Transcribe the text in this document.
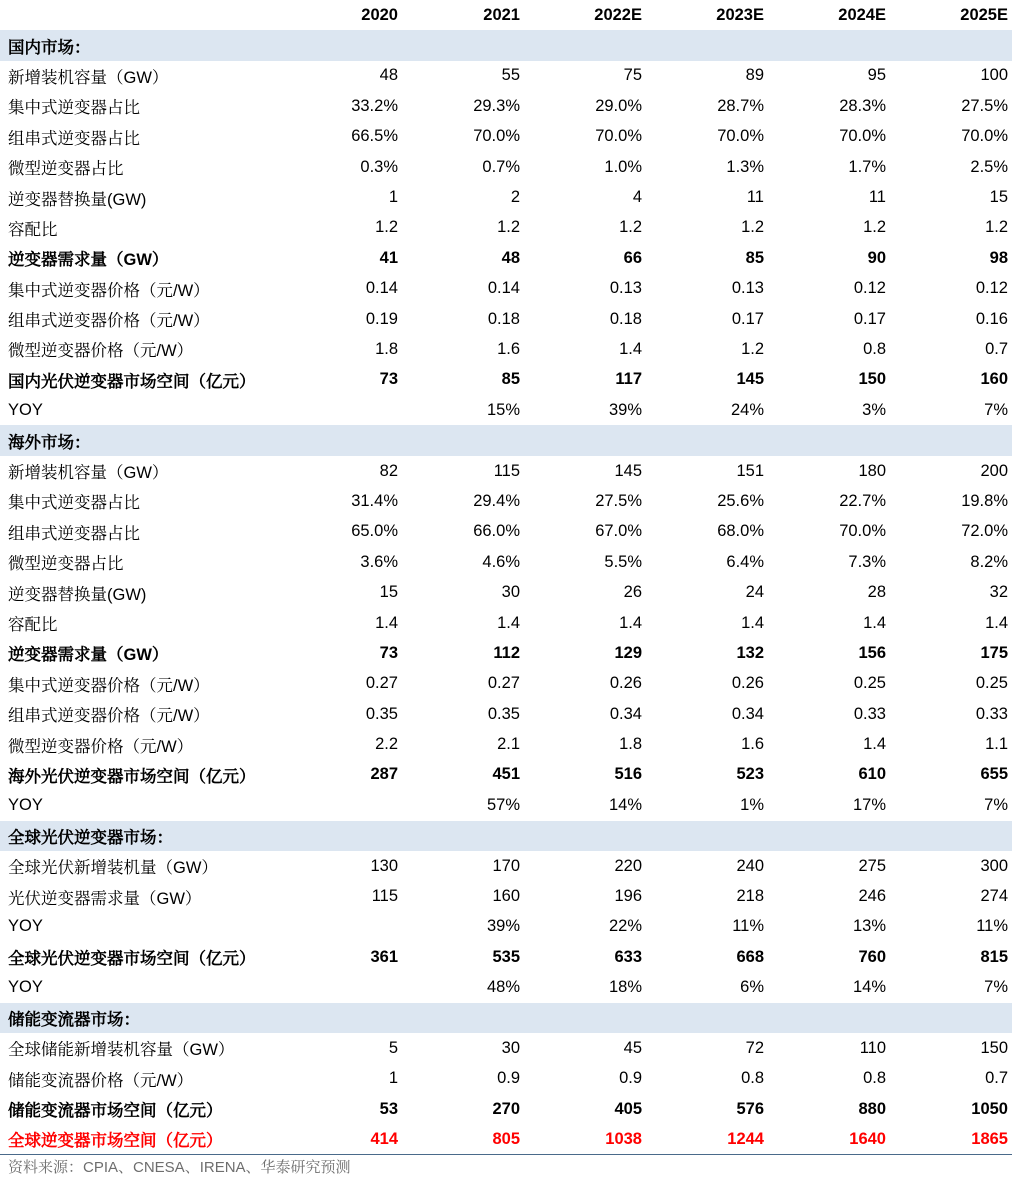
	2020	2021	2022E	2023E	2024E	2025E
国内市场：						
新增装机容量（GW）	48	55	75	89	95	100
集中式逆变器占比	33.2%	29.3%	29.0%	28.7%	28.3%	27.5%
组串式逆变器占比	66.5%	70.0%	70.0%	70.0%	70.0%	70.0%
微型逆变器占比	0.3%	0.7%	1.0%	1.3%	1.7%	2.5%
逆变器替换量(GW)	1	2	4	11	11	15
容配比	1.2	1.2	1.2	1.2	1.2	1.2
逆变器需求量（GW）	41	48	66	85	90	98
集中式逆变器价格（元/W）	0.14	0.14	0.13	0.13	0.12	0.12
组串式逆变器价格（元/W）	0.19	0.18	0.18	0.17	0.17	0.16
微型逆变器价格（元/W）	1.8	1.6	1.4	1.2	0.8	0.7
国内光伏逆变器市场空间（亿元）	73	85	117	145	150	160
YOY		15%	39%	24%	3%	7%
海外市场：						
新增装机容量（GW）	82	115	145	151	180	200
集中式逆变器占比	31.4%	29.4%	27.5%	25.6%	22.7%	19.8%
组串式逆变器占比	65.0%	66.0%	67.0%	68.0%	70.0%	72.0%
微型逆变器占比	3.6%	4.6%	5.5%	6.4%	7.3%	8.2%
逆变器替换量(GW)	15	30	26	24	28	32
容配比	1.4	1.4	1.4	1.4	1.4	1.4
逆变器需求量（GW）	73	112	129	132	156	175
集中式逆变器价格（元/W）	0.27	0.27	0.26	0.26	0.25	0.25
组串式逆变器价格（元/W）	0.35	0.35	0.34	0.34	0.33	0.33
微型逆变器价格（元/W）	2.2	2.1	1.8	1.6	1.4	1.1
海外光伏逆变器市场空间（亿元）	287	451	516	523	610	655
YOY		57%	14%	1%	17%	7%
全球光伏逆变器市场：						
全球光伏新增装机量（GW）	130	170	220	240	275	300
光伏逆变器需求量（GW）	115	160	196	218	246	274
YOY		39%	22%	11%	13%	11%
全球光伏逆变器市场空间（亿元）	361	535	633	668	760	815
YOY		48%	18%	6%	14%	7%
储能变流器市场：						
全球储能新增装机容量（GW）	5	30	45	72	110	150
储能变流器价格（元/W）	1	0.9	0.9	0.8	0.8	0.7
储能变流器市场空间（亿元）	53	270	405	576	880	1050
全球逆变器市场空间（亿元）	414	805	1038	1244	1640	1865
资料来源：CPIA、CNESA、IRENA、华泰研究预测
